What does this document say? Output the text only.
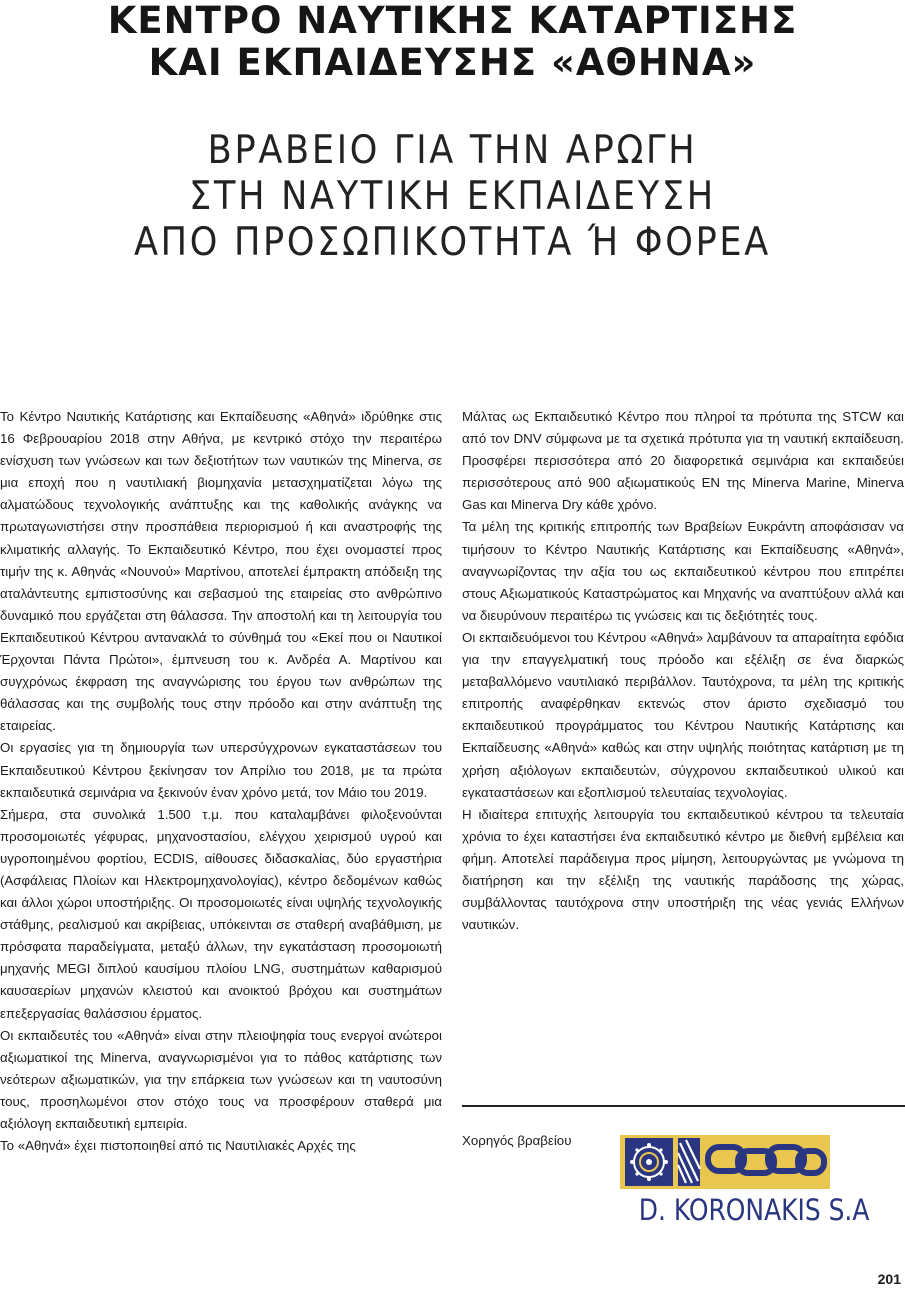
ΚΕΝΤΡΟ ΝΑΥΤΙΚΗΣ ΚΑΤΑΡΤΙΣΗΣ
ΚΑΙ ΕΚΠΑΙΔΕΥΣΗΣ «ΑΘΗΝΑ»
ΒΡΑΒΕΙΟ ΓΙΑ ΤΗΝ ΑΡΩΓΗ
ΣΤΗ ΝΑΥΤΙΚΗ ΕΚΠΑΙΔΕΥΣΗ
ΑΠΟ ΠΡΟΣΩΠΙΚΟΤΗΤΑ Ή ΦΟΡΕΑ

Το Κέντρο Ναυτικής Κατάρτισης και Εκπαίδευσης «Αθηνά» ιδρύθηκε στις 16 Φεβρουαρίου 2018 στην Αθήνα, με κεντρικό στόχο την περαιτέρω ενίσχυση των γνώσεων και των δεξιοτήτων των ναυτικών της Minerva, σε μια εποχή που η ναυτιλιακή βιομηχανία μετασχηματίζεται λόγω της αλματώδους τεχνολογικής ανάπτυξης και της καθολικής ανάγκης να πρωταγωνιστήσει στην προσπάθεια περιορισμού ή και αναστροφής της κλιματικής αλλαγής. Το Εκπαιδευτικό Κέντρο, που έχει ονομαστεί προς τιμήν της κ. Αθηνάς «Νουνού» Μαρτίνου, αποτελεί έμπρακτη απόδειξη της αταλάντευτης εμπιστοσύνης και σεβασμού της εταιρείας στο ανθρώπινο δυναμικό που εργάζεται στη θάλασσα. Την αποστολή και τη λειτουργία του Εκπαιδευτικού Κέντρου αντανακλά το σύνθημά του «Εκεί που οι Ναυτικοί Έρχονται Πάντα Πρώτοι», έμπνευση του κ. Ανδρέα Α. Μαρτίνου και συγχρόνως έκφραση της αναγνώρισης του έργου των ανθρώπων της θάλασσας και της συμβολής τους στην πρόοδο και στην ανάπτυξη της εταιρείας.

Οι εργασίες για τη δημιουργία των υπερσύγχρονων εγκαταστάσεων του Εκπαιδευτικού Κέντρου ξεκίνησαν τον Απρίλιο του 2018, με τα πρώτα εκπαιδευτικά σεμινάρια να ξεκινούν έναν χρόνο μετά, τον Μάιο του 2019.

Σήμερα, στα συνολικά 1.500 τ.μ. που καταλαμβάνει φιλοξενούνται προσομοιωτές γέφυρας, μηχανοστασίου, ελέγχου χειρισμού υγρού και υγροποιημένου φορτίου, ECDIS, αίθουσες διδασκαλίας, δύο εργαστήρια (Ασφάλειας Πλοίων και Ηλεκτρομηχανολογίας), κέντρο δεδομένων καθώς και άλλοι χώροι υποστήριξης. Οι προσομοιωτές είναι υψηλής τεχνολογικής στάθμης, ρεαλισμού και ακρίβειας, υπόκεινται σε σταθερή αναβάθμιση, με πρόσφατα παραδείγματα, μεταξύ άλλων, την εγκατάσταση προσομοιωτή μηχανής MEGI διπλού καυσίμου πλοίου LNG, συστημάτων καθαρισμού καυσαερίων μηχανών κλειστού και ανοικτού βρόχου και συστημάτων επεξεργασίας θαλάσσιου έρματος.

Οι εκπαιδευτές του «Αθηνά» είναι στην πλειοψηφία τους ενεργοί ανώτεροι αξιωματικοί της Minerva, αναγνωρισμένοι για το πάθος κατάρτισης των νεότερων αξιωματικών, για την επάρκεια των γνώσεων και τη ναυτοσύνη τους, προσηλωμένοι στον στόχο τους να προσφέρουν σταθερά μια αξιόλογη εκπαιδευτική εμπειρία.

Το «Αθηνά» έχει πιστοποιηθεί από τις Ναυτιλιακές Αρχές της

Μάλτας ως Εκπαιδευτικό Κέντρο που πληροί τα πρότυπα της STCW και από τον DNV σύμφωνα με τα σχετικά πρότυπα για τη ναυτική εκπαίδευση. Προσφέρει περισσότερα από 20 διαφορετικά σεμινάρια και εκπαιδεύει περισσότερους από 900 αξιωματικούς ΕΝ της Minerva Marine, Minerva Gas και Minerva Dry κάθε χρόνο.

Τα μέλη της κριτικής επιτροπής των Βραβείων Ευκράντη αποφάσισαν να τιμήσουν το Κέντρο Ναυτικής Κατάρτισης και Εκπαίδευσης «Αθηνά», αναγνωρίζοντας την αξία του ως εκπαιδευτικού κέντρου που επιτρέπει στους Αξιωματικούς Καταστρώματος και Μηχανής να αναπτύξουν αλλά και να διευρύνουν περαιτέρω τις γνώσεις και τις δεξιότητές τους.

Οι εκπαιδευόμενοι του Κέντρου «Αθηνά» λαμβάνουν τα απαραίτητα εφόδια για την επαγγελματική τους πρόοδο και εξέλιξη σε ένα διαρκώς μεταβαλλόμενο ναυτιλιακό περιβάλλον. Ταυτόχρονα, τα μέλη της κριτικής επιτροπής αναφέρθηκαν εκτενώς στον άριστο σχεδιασμό του εκπαιδευτικού προγράμματος του Κέντρου Ναυτικής Κατάρτισης και Εκπαίδευσης «Αθηνά» καθώς και στην υψηλής ποιότητας κατάρτιση με τη χρήση αξιόλογων εκπαιδευτών, σύγχρονου εκπαιδευτικού υλικού και εγκαταστάσεων και εξοπλισμού τελευταίας τεχνολογίας.

Η ιδιαίτερα επιτυχής λειτουργία του εκπαιδευτικού κέντρου τα τελευταία χρόνια το έχει καταστήσει ένα εκπαιδευτικό κέντρο με διεθνή εμβέλεια και φήμη. Αποτελεί παράδειγμα προς μίμηση, λειτουργώντας με γνώμονα τη διατήρηση και την εξέλιξη της ναυτικής παράδοσης της χώρας, συμβάλλοντας ταυτόχρονα στην υποστήριξη της νέας γενιάς Ελλήνων ναυτικών.

Χορηγός βραβείου
D. KORONAKIS S.A
201
